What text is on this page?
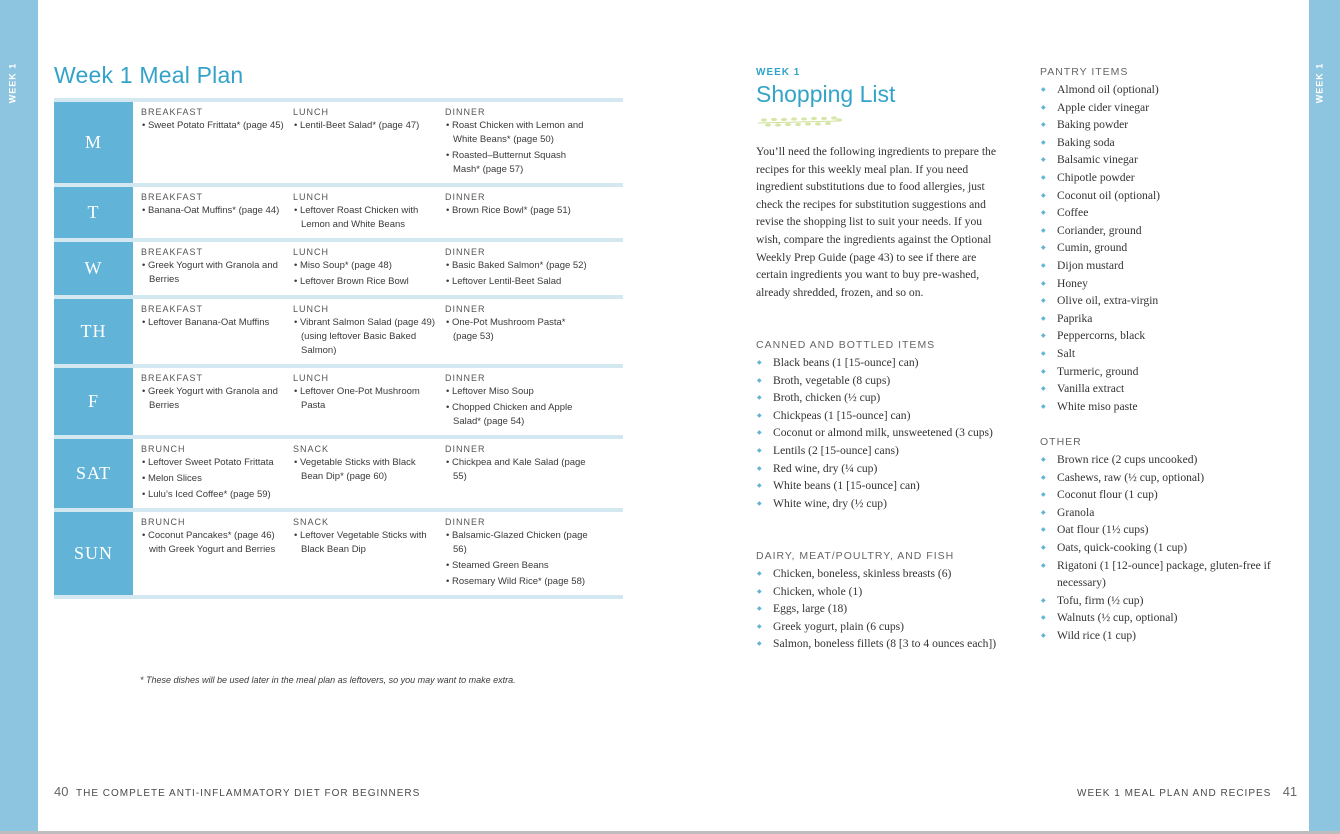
WEEK 1	WEEK 1
Week 1 Meal Plan
M
BREAKFAST
• Sweet Potato Frittata* (page 45)
LUNCH
• Lentil-Beet Salad* (page 47)
DINNER
• Roast Chicken with Lemon and White Beans* (page 50)
• Roasted–Butternut Squash Mash* (page 57)
T
BREAKFAST
• Banana-Oat Muffins* (page 44)
LUNCH
• Leftover Roast Chicken with Lemon and White Beans
DINNER
• Brown Rice Bowl* (page 51)
W
BREAKFAST
• Greek Yogurt with Granola and Berries
LUNCH
• Miso Soup* (page 48)
• Leftover Brown Rice Bowl
DINNER
• Basic Baked Salmon* (page 52)
• Leftover Lentil-Beet Salad
TH
BREAKFAST
• Leftover Banana-Oat Muffins
LUNCH
• Vibrant Salmon Salad (page 49) (using leftover Basic Baked Salmon)
DINNER
• One-Pot Mushroom Pasta* (page 53)
F
BREAKFAST
• Greek Yogurt with Granola and Berries
LUNCH
• Leftover One-Pot Mushroom Pasta
DINNER
• Leftover Miso Soup
• Chopped Chicken and Apple Salad* (page 54)
SAT
BRUNCH
• Leftover Sweet Potato Frittata
• Melon Slices
• Lulu’s Iced Coffee* (page 59)
SNACK
• Vegetable Sticks with Black Bean Dip* (page 60)
DINNER
• Chickpea and Kale Salad (page 55)
SUN
BRUNCH
• Coconut Pancakes* (page 46) with Greek Yogurt and Berries
SNACK
• Leftover Vegetable Sticks with Black Bean Dip
DINNER
• Balsamic-Glazed Chicken (page 56)
• Steamed Green Beans
• Rosemary Wild Rice* (page 58)
* These dishes will be used later in the meal plan as leftovers, so you may want to make extra.
40 THE COMPLETE ANTI-INFLAMMATORY DIET FOR BEGINNERS
WEEK 1
Shopping List
You’ll need the following ingredients to prepare the recipes for this weekly meal plan. If you need ingredient substitutions due to food allergies, just check the recipes for substitution suggestions and revise the shopping list to suit your needs. If you wish, compare the ingredients against the Optional Weekly Prep Guide (page 43) to see if there are certain ingredients you want to buy pre-washed, already shredded, frozen, and so on.
CANNED AND BOTTLED ITEMS
◆ Black beans (1 [15-ounce] can)
◆ Broth, vegetable (8 cups)
◆ Broth, chicken (½ cup)
◆ Chickpeas (1 [15-ounce] can)
◆ Coconut or almond milk, unsweetened (3 cups)
◆ Lentils (2 [15-ounce] cans)
◆ Red wine, dry (¼ cup)
◆ White beans (1 [15-ounce] can)
◆ White wine, dry (½ cup)
DAIRY, MEAT/POULTRY, AND FISH
◆ Chicken, boneless, skinless breasts (6)
◆ Chicken, whole (1)
◆ Eggs, large (18)
◆ Greek yogurt, plain (6 cups)
◆ Salmon, boneless fillets (8 [3 to 4 ounces each])
PANTRY ITEMS
◆ Almond oil (optional)
◆ Apple cider vinegar
◆ Baking powder
◆ Baking soda
◆ Balsamic vinegar
◆ Chipotle powder
◆ Coconut oil (optional)
◆ Coffee
◆ Coriander, ground
◆ Cumin, ground
◆ Dijon mustard
◆ Honey
◆ Olive oil, extra-virgin
◆ Paprika
◆ Peppercorns, black
◆ Salt
◆ Turmeric, ground
◆ Vanilla extract
◆ White miso paste
OTHER
◆ Brown rice (2 cups uncooked)
◆ Cashews, raw (½ cup, optional)
◆ Coconut flour (1 cup)
◆ Granola
◆ Oat flour (1½ cups)
◆ Oats, quick-cooking (1 cup)
◆ Rigatoni (1 [12-ounce] package, gluten-free if necessary)
◆ Tofu, firm (½ cup)
◆ Walnuts (½ cup, optional)
◆ Wild rice (1 cup)
WEEK 1 MEAL PLAN AND RECIPES 41
